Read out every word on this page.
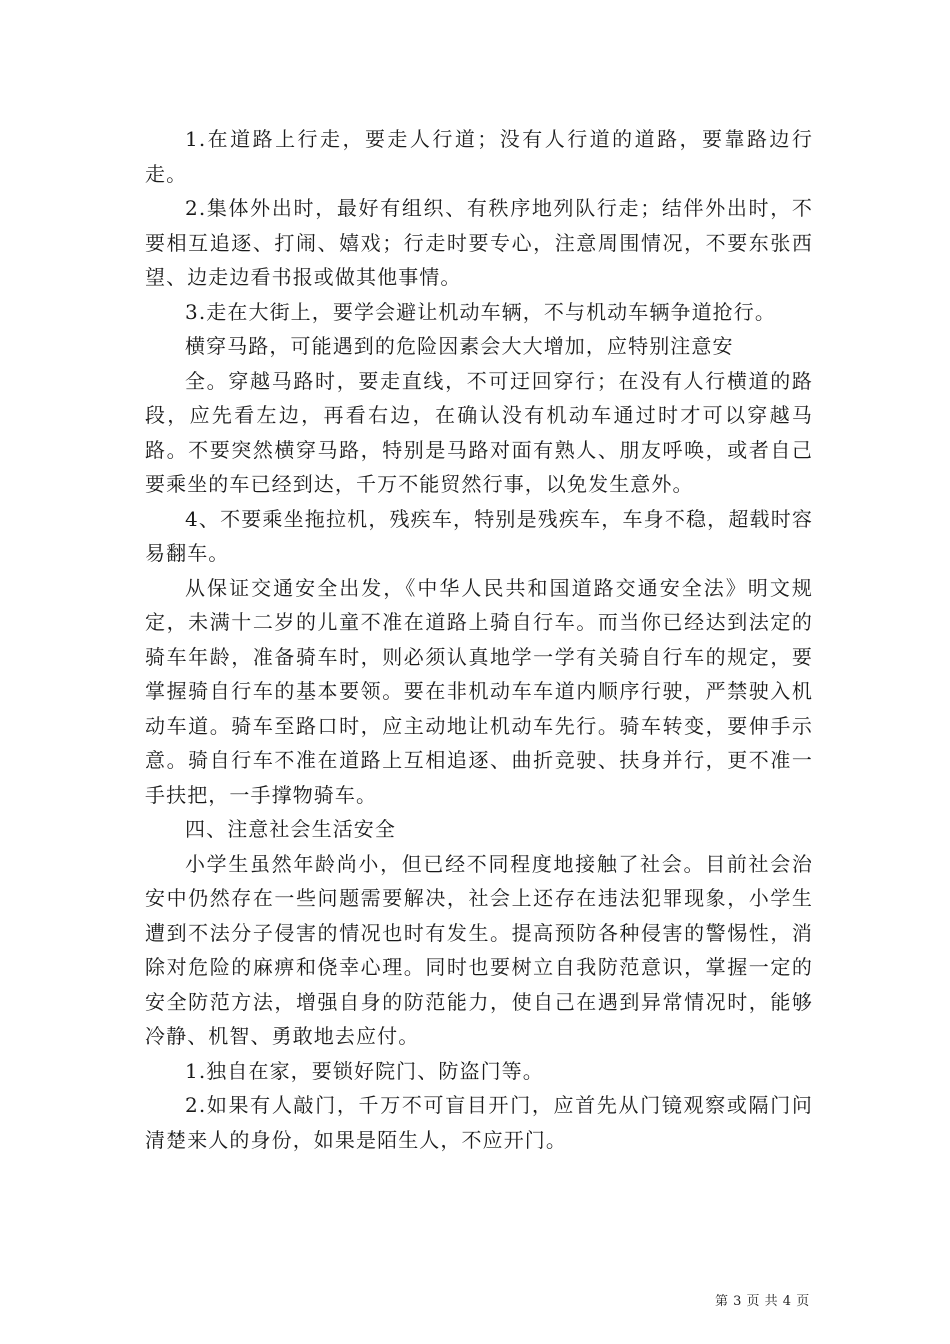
1.在道路上行走，要走人行道；没有人行道的道路，要靠路边行走。

2.集体外出时，最好有组织、有秩序地列队行走；结伴外出时，不要相互追逐、打闹、嬉戏；行走时要专心，注意周围情况，不要东张西望、边走边看书报或做其他事情。

3.走在大街上，要学会避让机动车辆，不与机动车辆争道抢行。

横穿马路，可能遇到的危险因素会大大增加，应特别注意安

全。穿越马路时，要走直线，不可迂回穿行；在没有人行横道的路段，应先看左边，再看右边，在确认没有机动车通过时才可以穿越马路。不要突然横穿马路，特别是马路对面有熟人、朋友呼唤，或者自己要乘坐的车已经到达，千万不能贸然行事，以免发生意外。

4、不要乘坐拖拉机，残疾车，特别是残疾车，车身不稳，超载时容易翻车。

从保证交通安全出发，《中华人民共和国道路交通安全法》明文规定，未满十二岁的儿童不准在道路上骑自行车。而当你已经达到法定的骑车年龄，准备骑车时，则必须认真地学一学有关骑自行车的规定，要掌握骑自行车的基本要领。要在非机动车车道内顺序行驶，严禁驶入机动车道。骑车至路口时，应主动地让机动车先行。骑车转变，要伸手示意。骑自行车不准在道路上互相追逐、曲折竞驶、扶身并行，更不准一手扶把，一手撑物骑车。

四、注意社会生活安全

小学生虽然年龄尚小，但已经不同程度地接触了社会。目前社会治安中仍然存在一些问题需要解决，社会上还存在违法犯罪现象，小学生遭到不法分子侵害的情况也时有发生。提高预防各种侵害的警惕性，消除对危险的麻痹和侥幸心理。同时也要树立自我防范意识，掌握一定的安全防范方法，增强自身的防范能力，使自己在遇到异常情况时，能够冷静、机智、勇敢地去应付。

1.独自在家，要锁好院门、防盗门等。

2.如果有人敲门，千万不可盲目开门，应首先从门镜观察或隔门问清楚来人的身份，如果是陌生人，不应开门。

第 3 页 共 4 页
